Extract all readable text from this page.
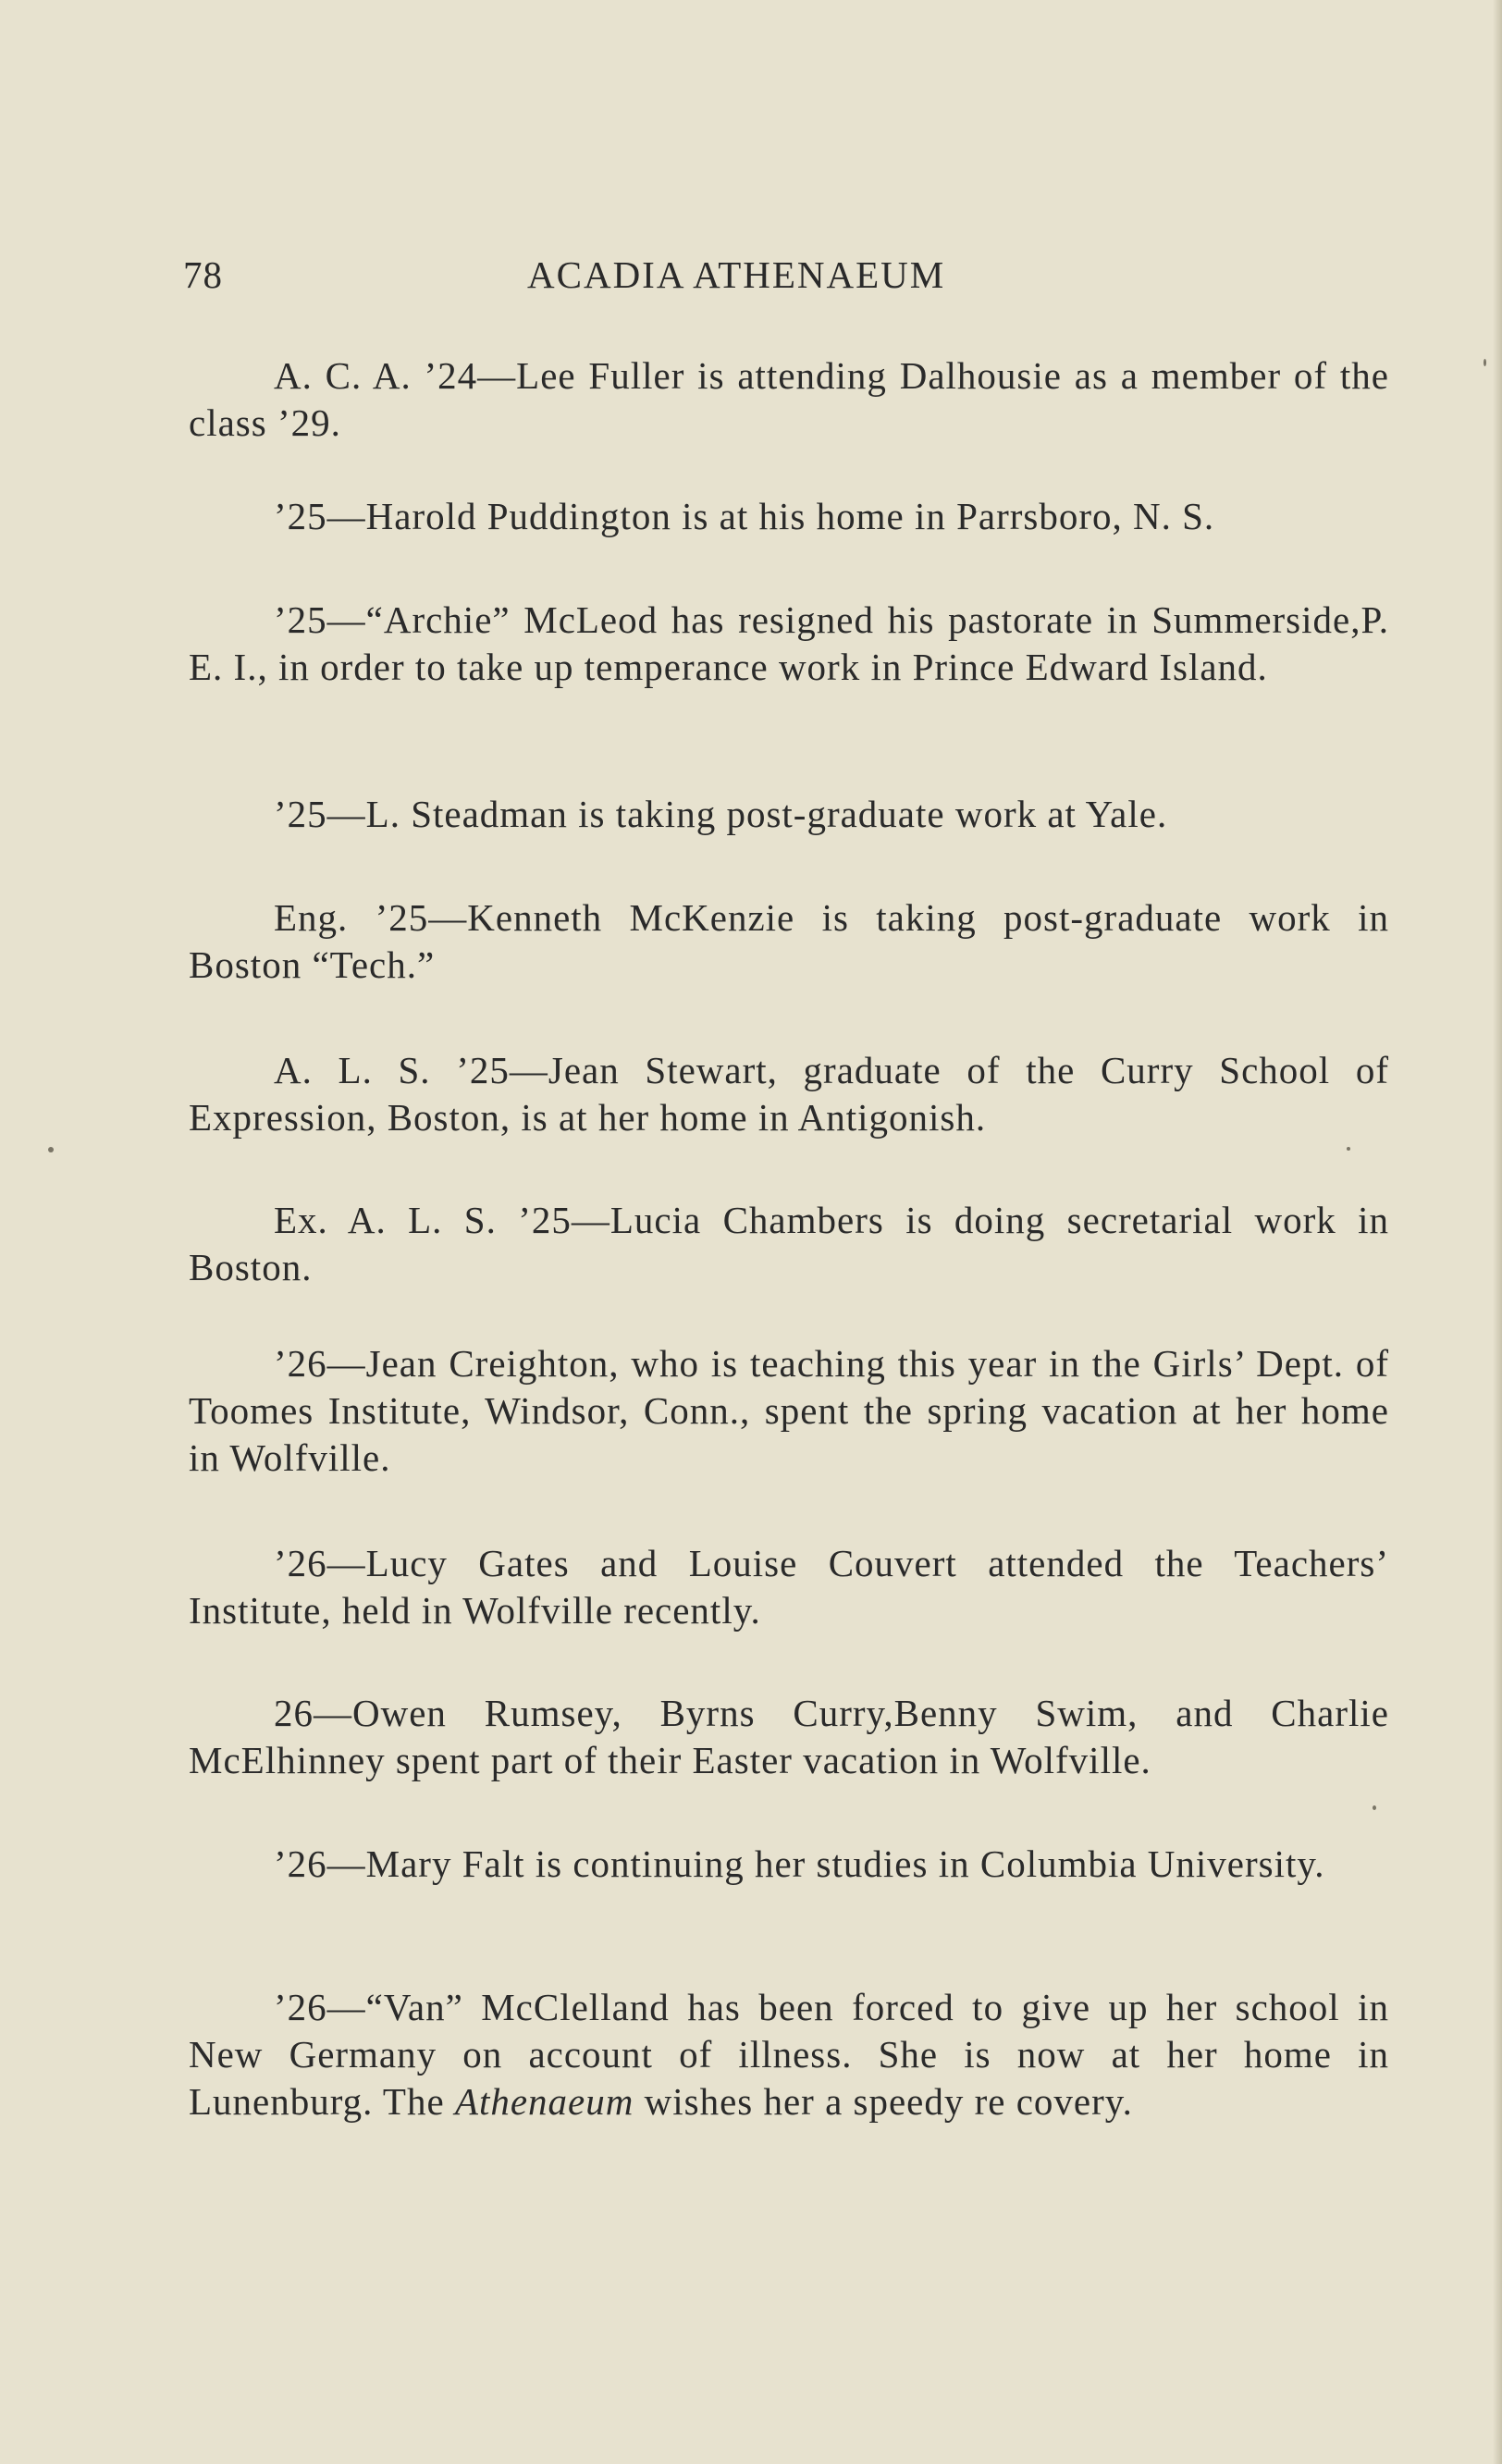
78	ACADIA ATHENAEUM

A. C. A. ’24—Lee Fuller is attending Dalhousie as a member of the class ’29.

’25—Harold Puddington is at his home in Parrsboro, N. S.

’25—“Archie” McLeod has resigned his pastorate in Summerside,P. E. I., in order to take up temperance work in Prince Edward Island.

’25—L. Steadman is taking post-graduate work at Yale.

Eng. ’25—Kenneth McKenzie is taking post-graduate work in Boston “Tech.”

A. L. S. ’25—Jean Stewart, graduate of the Curry School of Expression, Boston, is at her home in Antigonish.

Ex. A. L. S. ’25—Lucia Chambers is doing secretarial work in Boston.

’26—Jean Creighton, who is teaching this year in the Girls’ Dept. of Toomes Institute, Windsor, Conn., spent the spring vacation at her home in Wolfville.

’26—Lucy Gates and Louise Couvert attended the Teachers’ Institute, held in Wolfville recently.

26—Owen Rumsey, Byrns Curry,Benny Swim, and Charlie McElhinney spent part of their Easter vacation in Wolfville.

’26—Mary Falt is continuing her studies in Columbia University.

’26—“Van” McClelland has been forced to give up her school in New Germany on account of illness. She is now at her home in Lunenburg. The Athenaeum wishes her a speedy re covery.
